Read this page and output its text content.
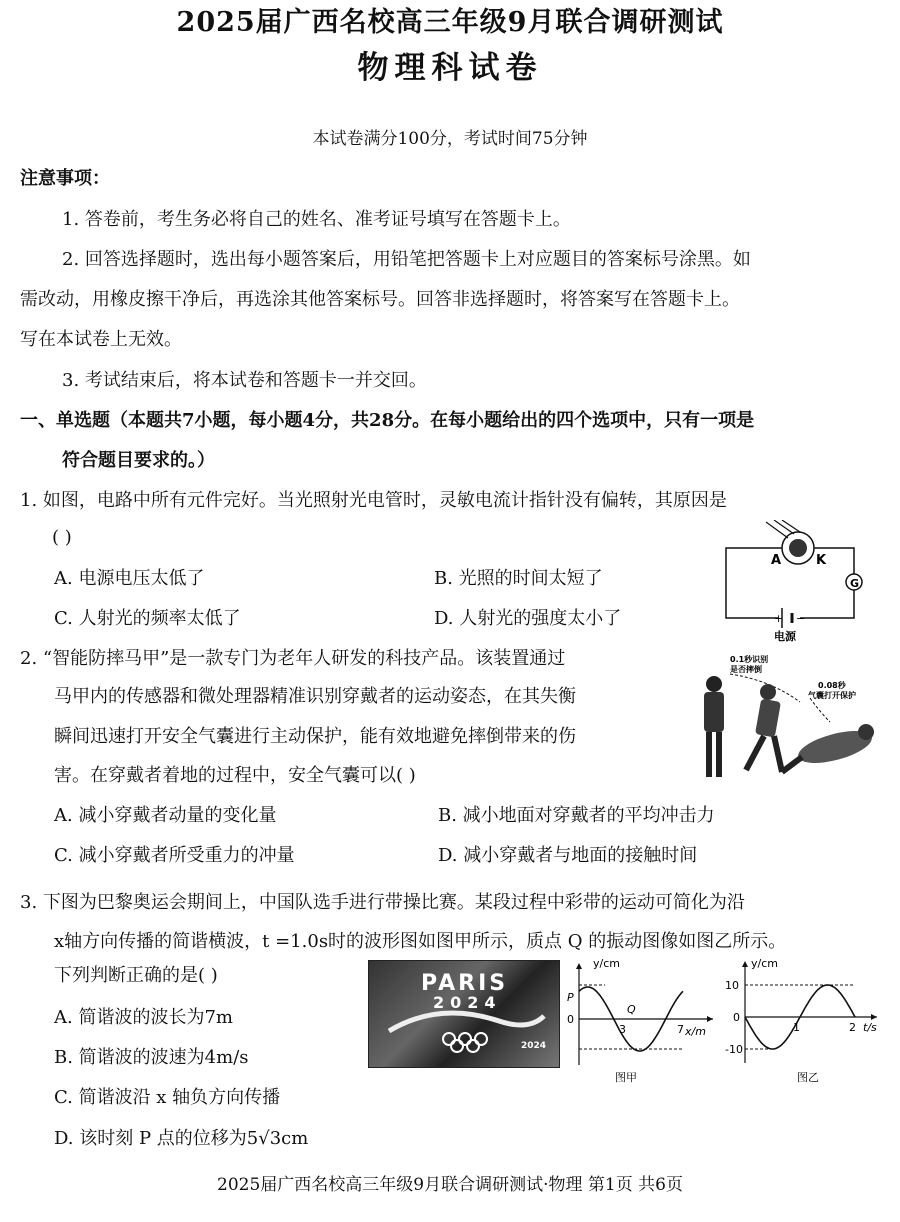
2025届广西名校高三年级9月联合调研测试
物理科试卷
本试卷满分100分，考试时间75分钟
注意事项：
1. 答卷前，考生务必将自己的姓名、准考证号填写在答题卡上。
2. 回答选择题时，选出每小题答案后，用铅笔把答题卡上对应题目的答案标号涂黑。如
需改动，用橡皮擦干净后，再选涂其他答案标号。回答非选择题时，将答案写在答题卡上。
写在本试卷上无效。
3. 考试结束后，将本试卷和答题卡一并交回。
一、单选题（本题共7小题，每小题4分，共28分。在每小题给出的四个选项中，只有一项是
符合题目要求的。）
1. 如图，电路中所有元件完好。当光照射光电管时，灵敏电流计指针没有偏转，其原因是
( )
A. 电源电压太低了	B. 光照的时间太短了
C. 人射光的频率太低了	D. 人射光的强度太小了
G
A	K
+ −
电源
2. “智能防摔马甲”是一款专门为老年人研发的科技产品。该装置通过
马甲内的传感器和微处理器精准识别穿戴者的运动姿态，在其失衡
瞬间迅速打开安全气囊进行主动保护，能有效地避免摔倒带来的伤
害。在穿戴者着地的过程中，安全气囊可以( )
A. 减小穿戴者动量的变化量	B. 减小地面对穿戴者的平均冲击力
C. 减小穿戴者所受重力的冲量	D. 减小穿戴者与地面的接触时间
0.1秒识别
是否摔倒
0.08秒
气囊打开保护
3. 下图为巴黎奥运会期间上，中国队选手进行带操比赛。某段过程中彩带的运动可简化为沿
x轴方向传播的简谐横波，t =1.0s时的波形图如图甲所示，质点 Q 的振动图像如图乙所示。
下列判断正确的是( )
A. 简谐波的波长为7m
B. 简谐波的波速为4m/s
C. 简谐波沿 x 轴负方向传播
D. 该时刻 P 点的位移为5√3cm
PARIS
2024
2024
y/cm
x/m
P
Q
0
3	7
图甲
y/cm
t/s
10
-10
0
1	2
图乙
2025届广西名校高三年级9月联合调研测试·物理 第1页 共6页
